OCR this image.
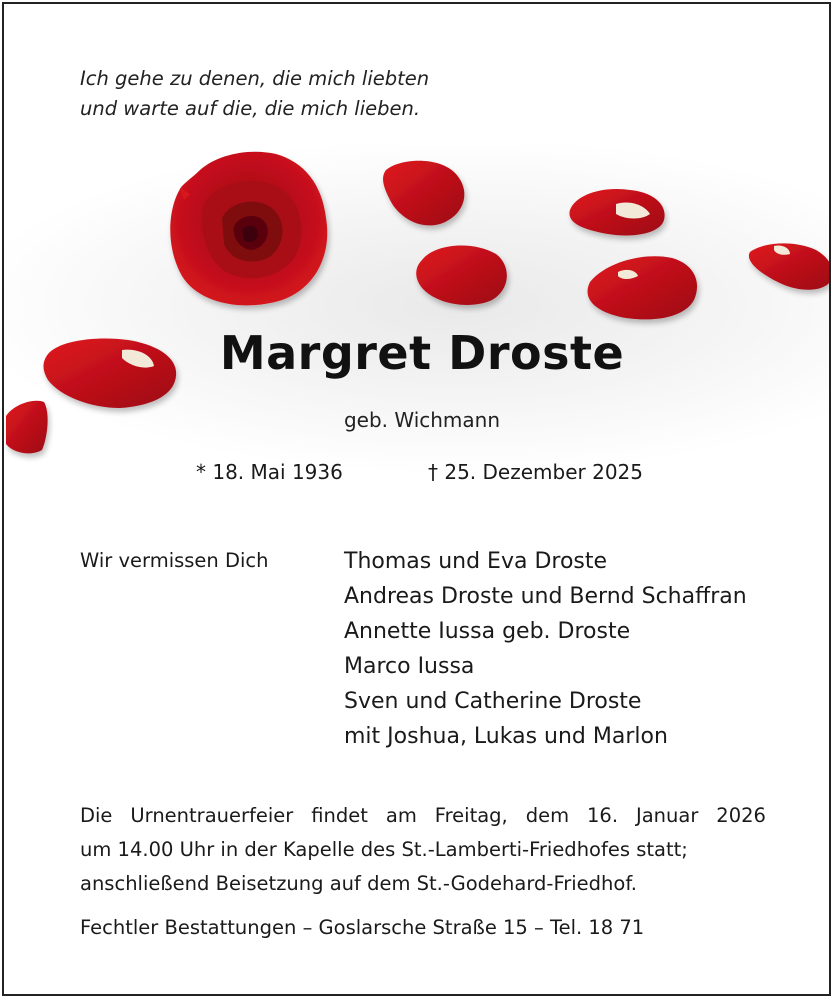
Ich gehe zu denen, die mich liebten
und warte auf die, die mich lieben.
Margret Droste
geb. Wichmann
* 18. Mai 1936	† 25. Dezember 2025
Wir vermissen Dich	Thomas und Eva Droste
Andreas Droste und Bernd Schaffran
Annette Iussa geb. Droste
Marco Iussa
Sven und Catherine Droste
mit Joshua, Lukas und Marlon
Die Urnentrauerfeier findet am Freitag, dem 16. Januar 2026
um 14.00 Uhr in der Kapelle des St.-Lamberti-Friedhofes statt;
anschließend Beisetzung auf dem St.-Godehard-Friedhof.
Fechtler Bestattungen – Goslarsche Straße 15 – Tel. 18 71
